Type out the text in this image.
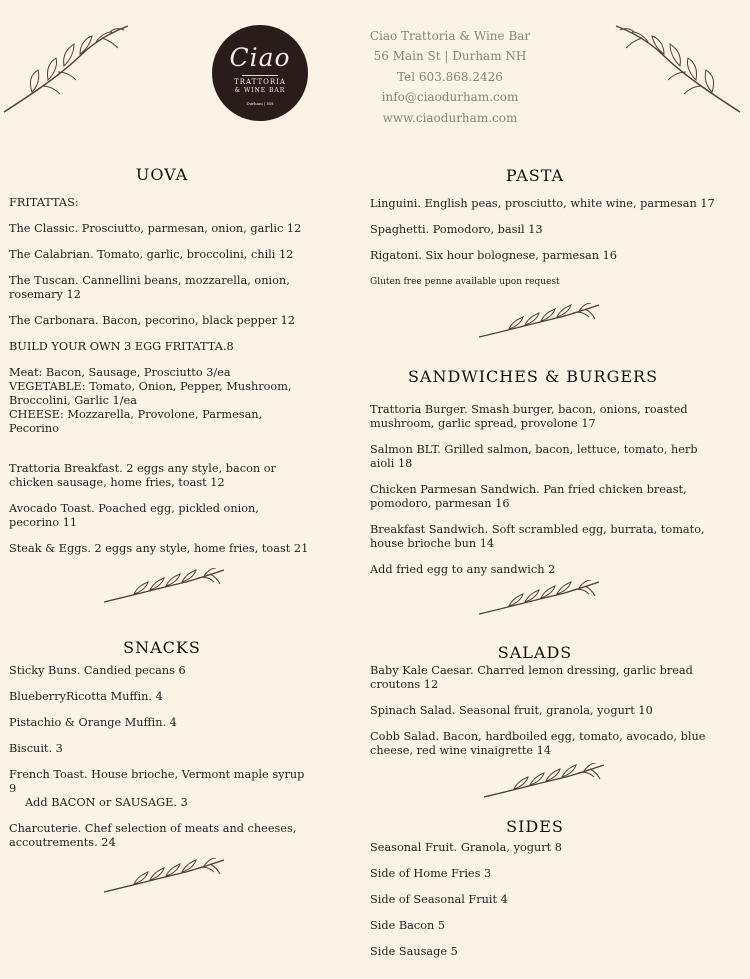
Ciao
TRATTORIA
& WINE BAR
Durham | NH
Ciao Trattoria & Wine Bar
56 Main St | Durham NH
Tel 603.868.2426
info@ciaodurham.com
www.ciaodurham.com
UOVA
FRITATTAS:
The Classic. Prosciutto, parmesan, onion, garlic 12
The Calabrian. Tomato, garlic, broccolini, chili 12
The Tuscan. Cannellini beans, mozzarella, onion, rosemary 12
The Carbonara. Bacon, pecorino, black pepper 12
BUILD YOUR OWN 3 EGG FRITATTA.8
Meat: Bacon, Sausage, Prosciutto 3/ea
VEGETABLE: Tomato, Onion, Pepper, Mushroom, Broccolini, Garlic 1/ea
CHEESE: Mozzarella, Provolone, Parmesan, Pecorino
Trattoria Breakfast. 2 eggs any style, bacon or chicken sausage, home fries, toast 12
Avocado Toast. Poached egg, pickled onion, pecorino 11
Steak & Eggs. 2 eggs any style, home fries, toast 21
SNACKS
Sticky Buns. Candied pecans 6
BlueberryRicotta Muffin. 4
Pistachio & Orange Muffin. 4
Biscuit. 3
French Toast. House brioche, Vermont maple syrup 9
Add BACON or SAUSAGE. 3
Charcuterie. Chef selection of meats and cheeses, accoutrements. 24
PASTA
Linguini. English peas, prosciutto, white wine, parmesan 17
Spaghetti. Pomodoro, basil 13
Rigatoni. Six hour bolognese, parmesan 16
Gluten free penne available upon request
SANDWICHES & BURGERS
Trattoria Burger. Smash burger, bacon, onions, roasted mushroom, garlic spread, provolone 17
Salmon BLT. Grilled salmon, bacon, lettuce, tomato, herb aioli 18
Chicken Parmesan Sandwich. Pan fried chicken breast, pomodoro, parmesan 16
Breakfast Sandwich. Soft scrambled egg, burrata, tomato, house brioche bun 14
Add fried egg to any sandwich 2
SALADS
Baby Kale Caesar. Charred lemon dressing, garlic bread croutons 12
Spinach Salad. Seasonal fruit, granola, yogurt 10
Cobb Salad. Bacon, hardboiled egg, tomato, avocado, blue cheese, red wine vinaigrette 14
SIDES
Seasonal Fruit. Granola, yogurt 8
Side of Home Fries 3
Side of Seasonal Fruit 4
Side Bacon 5
Side Sausage 5
